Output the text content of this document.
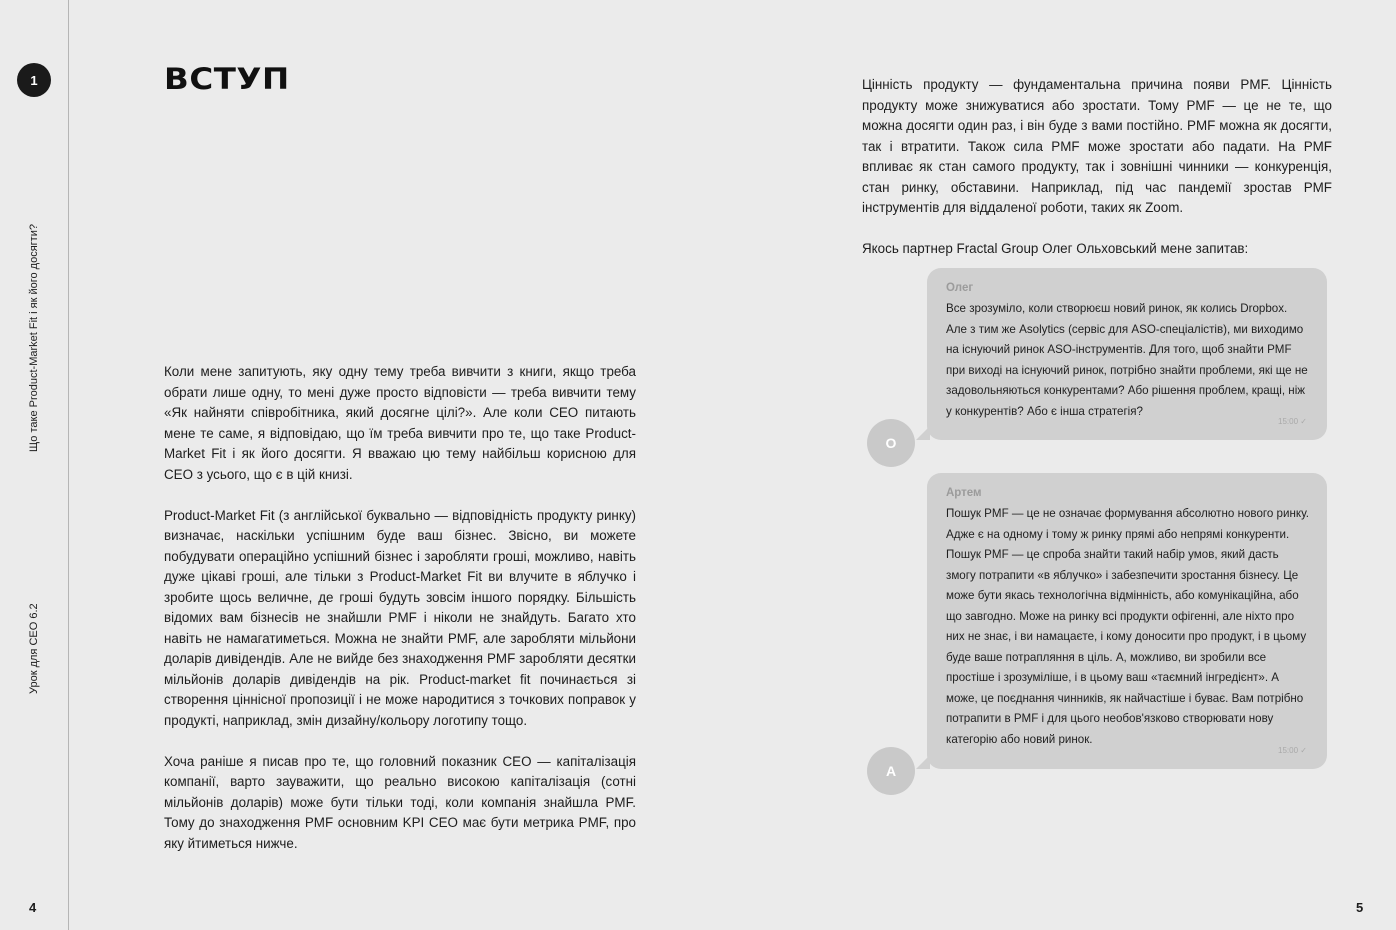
1
Що таке Product-Market Fit і як його досягти?
Урок для CEO 6.2
4	5
ВСТУП

Коли мене запитують, яку одну тему треба вивчити з книги, якщо треба обрати лише одну, то мені дуже просто відповісти — треба вивчити тему «Як найняти співробітника, який досягне цілі?». Але коли CEO питають мене те саме, я відповідаю, що їм треба вивчити про те, що таке Product-Market Fit і як його досягти. Я вважаю цю тему найбільш корисною для CEO з усього, що є в цій книзі.

Product-Market Fit (з англійської буквально — відповідність продукту ринку) визначає, наскільки успішним буде ваш бізнес. Звісно, ви можете побудувати операційно успішний бізнес і заробляти гроші, можливо, навіть дуже цікаві гроші, але тільки з Product-Market Fit ви влучите в яблучко і зробите щось величне, де гроші будуть зовсім іншого порядку. Більшість відомих вам бізнесів не знайшли PMF і ніколи не знайдуть. Багато хто навіть не намагатиметься. Можна не знайти PMF, але заробляти мільйони доларів дивідендів. Але не вийде без знаходження PMF заробляти десятки мільйонів доларів дивідендів на рік. Product-market fit починається зі створення ціннісної пропозиції і не може народитися з точкових поправок у продукті, наприклад, змін дизайну/кольору логотипу тощо.

Хоча раніше я писав про те, що головний показник CEO — капіталізація компанії, варто зауважити, що реально високою капіталізація (сотні мільйонів доларів) може бути тільки тоді, коли компанія знайшла PMF. Тому до знаходження PMF основним KPI CEO має бути метрика PMF, про яку йтиметься нижче.

Цінність продукту — фундаментальна причина появи PMF. Цінність продукту може знижуватися або зростати. Тому PMF — це не те, що можна досягти один раз, і він буде з вами постійно. PMF можна як досягти, так і втратити. Також сила PMF може зростати або падати. На PMF впливає як стан самого продукту, так і зовнішні чинники — конкуренція, стан ринку, обставини. Наприклад, під час пандемії зростав PMF інструментів для віддаленої роботи, таких як Zoom.

Якось партнер Fractal Group Олег Ольховський мене запитав:

Олег

Все зрозуміло, коли створюєш новий ринок, як колись Dropbox. Але з тим же Asolytics (сервіс для ASO-спеціалістів), ми виходимо на існуючий ринок ASO-інструментів. Для того, щоб знайти PMF при виході на існуючий ринок, потрібно знайти проблеми, які ще не задовольняються конкурентами? Або рішення проблем, кращі, ніж у конкурентів? Або є інша стратегія?

15:00 ✓
О

Артем

Пошук PMF — це не означає формування абсолютно нового ринку. Адже є на одному і тому ж ринку прямі або непрямі конкуренти. Пошук PMF — це спроба знайти такий набір умов, який дасть змогу потрапити «в яблучко» і забезпечити зростання бізнесу. Це може бути якась технологічна відмінність, або комунікаційна, або що завгодно. Може на ринку всі продукти офігенні, але ніхто про них не знає, і ви намацаєте, і кому доносити про продукт, і в цьому буде ваше потрапляння в ціль. А, можливо, ви зробили все простіше і зрозуміліше, і в цьому ваш «таємний інгредієнт». А може, це поєднання чинників, як найчастіше і буває. Вам потрібно потрапити в PMF і для цього необов'язково створювати нову категорію або новий ринок.

15:00 ✓
А
